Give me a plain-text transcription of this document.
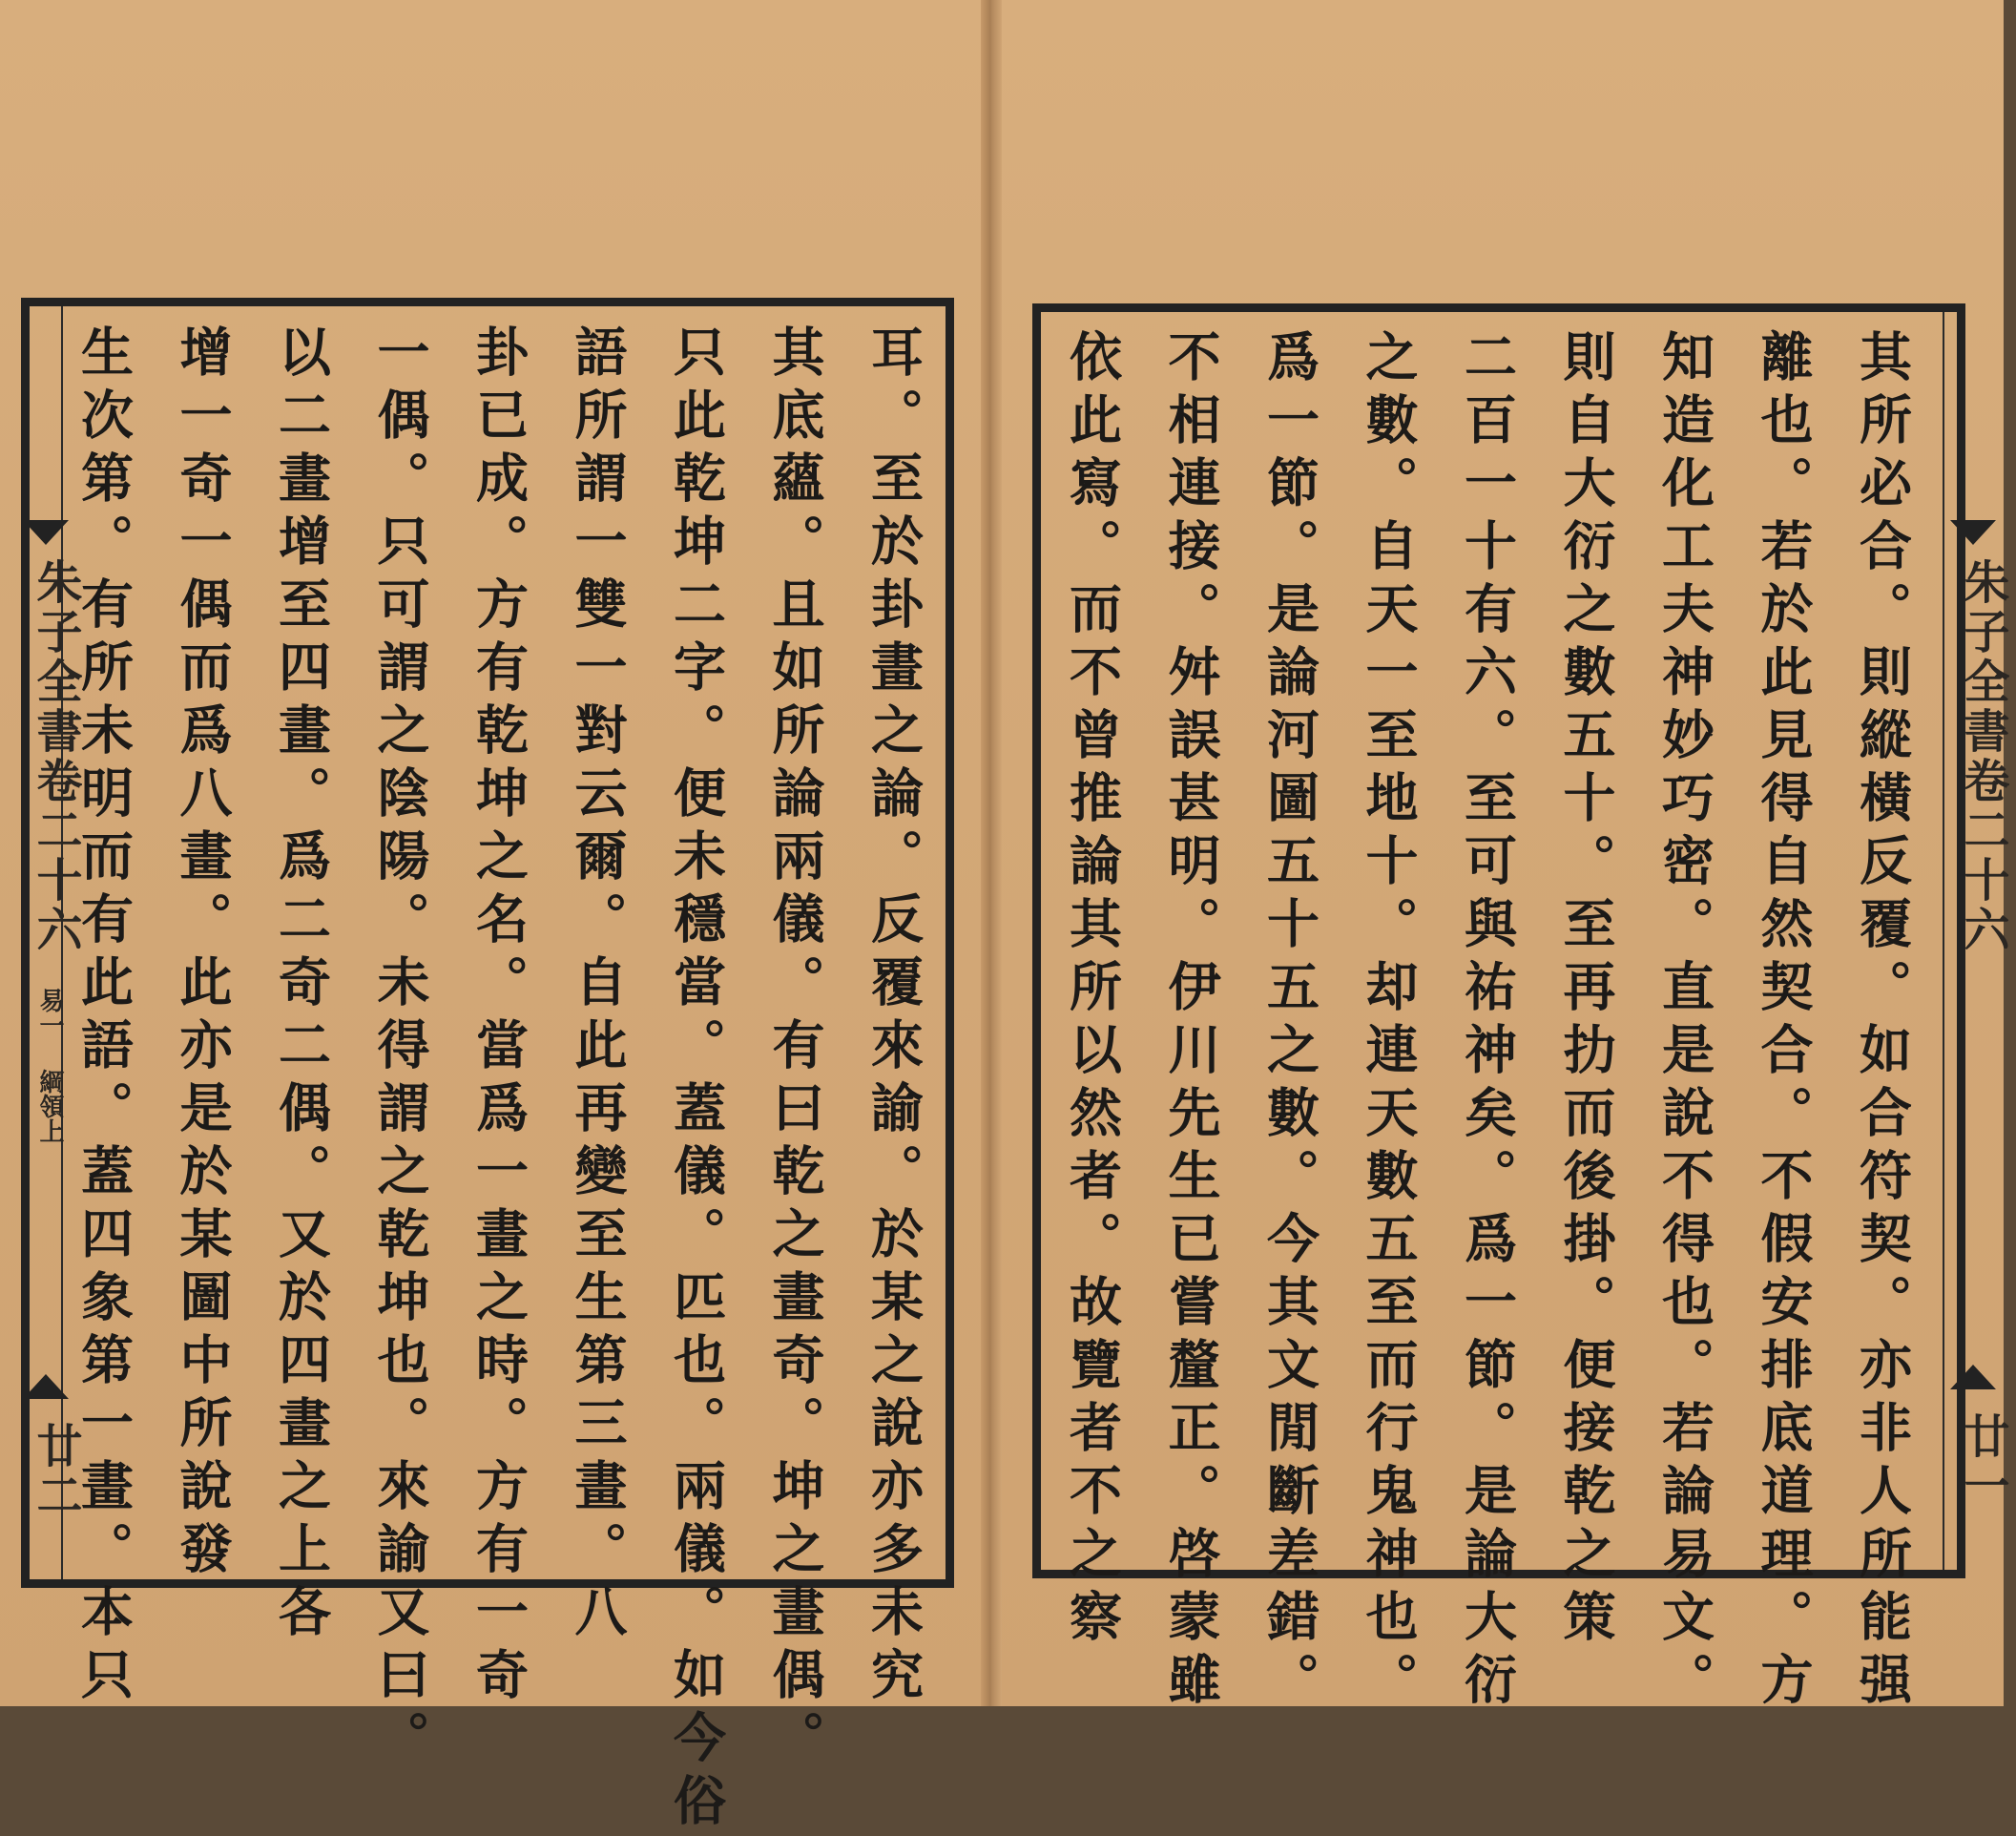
朱子全書卷二十六
易一
綱領上
廿二	耳。至於卦畫之論。反覆來諭。於某之說亦多未究
其底蘊。且如所論兩儀。有曰乾之畫奇。坤之畫偶。
只此乾坤二字。便未穩當。蓋儀。匹也。兩儀。如今俗
語所謂一雙一對云爾。自此再變至生第三畫。八
卦已成。方有乾坤之名。當爲一畫之時。方有一奇
一偶。只可謂之陰陽。未得謂之乾坤也。來諭又曰。
以二畫增至四畫。爲二奇二偶。又於四畫之上各
增一奇一偶而爲八畫。此亦是於某圖中所說發
生次第。有所未明而有此語。蓋四象第一畫。本只	朱子全書卷二十六
廿一
其所必合。則縱橫反覆。如合符契。亦非人所能强
離也。若於此見得自然契合。不假安排底道理。方
知造化工夫神妙巧密。直是說不得也。若論易文。
則自大衍之數五十。至再扐而後掛。便接乾之策
二百一十有六。至可與祐神矣。爲一節。是論大衍
之數。自天一至地十。却連天數五至而行鬼神也。
爲一節。是論河圖五十五之數。今其文閒斷差錯。
不相連接。舛誤甚明。伊川先生已嘗釐正。啓蒙雖
依此寫。而不曾推論其所以然者。故覽者不之察
